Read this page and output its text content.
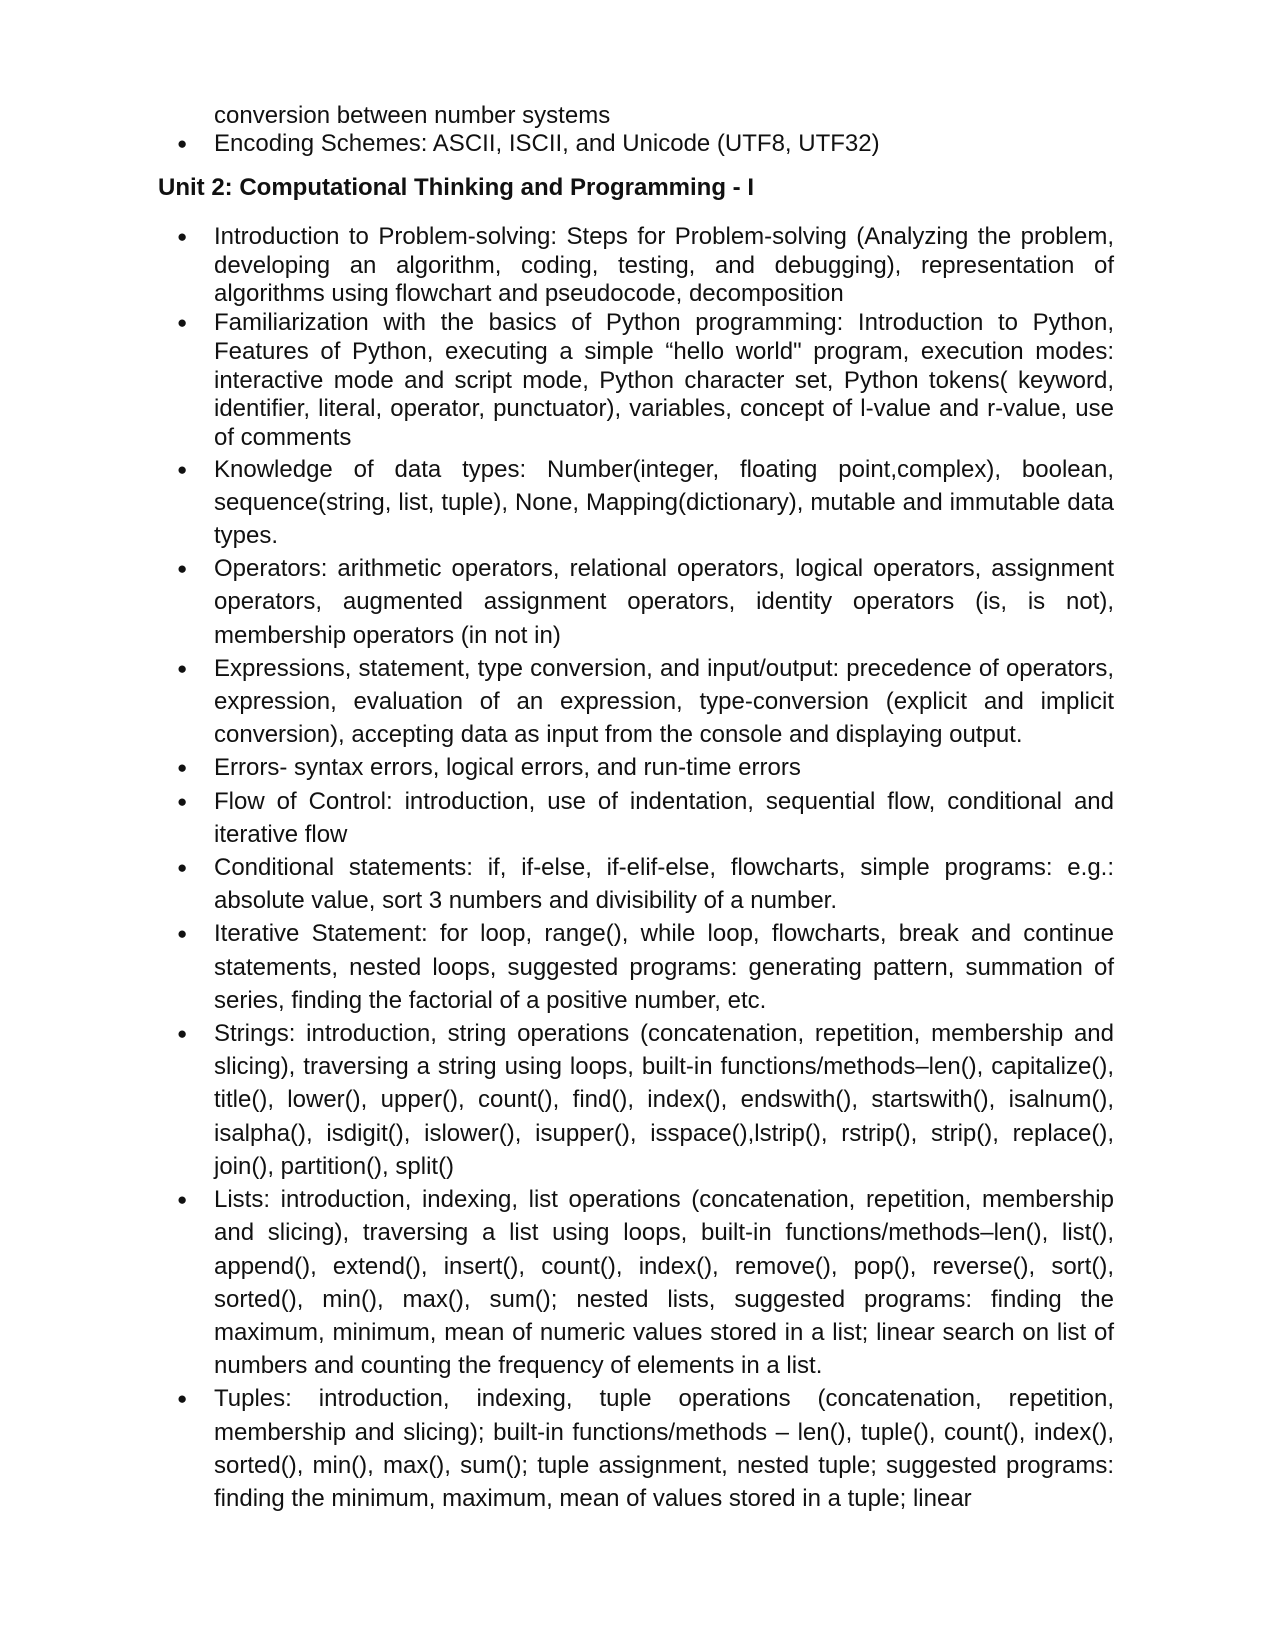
conversion between number systems

● Encoding Schemes: ASCII, ISCII, and Unicode (UTF8, UTF32)
Unit 2: Computational Thinking and Programming - I
● Introduction to Problem-solving: Steps for Problem-solving (Analyzing the problem, developing an algorithm, coding, testing, and debugging), representation of algorithms using flowchart and pseudocode, decomposition
● Familiarization with the basics of Python programming: Introduction to Python, Features of Python, executing a simple “hello world" program, execution modes: interactive mode and script mode, Python character set, Python tokens( keyword, identifier, literal, operator, punctuator), variables, concept of l-value and r-value, use of comments
● Knowledge of data types: Number(integer, floating point,complex), boolean, sequence(string, list, tuple), None, Mapping(dictionary), mutable and immutable data types.
● Operators: arithmetic operators, relational operators, logical operators, assignment operators, augmented assignment operators, identity operators (is, is not), membership operators (in not in)
● Expressions, statement, type conversion, and input/output: precedence of operators, expression, evaluation of an expression, type-conversion (explicit and implicit conversion), accepting data as input from the console and displaying output.
● Errors- syntax errors, logical errors, and run-time errors
● Flow of Control: introduction, use of indentation, sequential flow, conditional and iterative flow
● Conditional statements: if, if-else, if-elif-else, flowcharts, simple programs: e.g.: absolute value, sort 3 numbers and divisibility of a number.
● Iterative Statement: for loop, range(), while loop, flowcharts, break and continue statements, nested loops, suggested programs: generating pattern, summation of series, finding the factorial of a positive number, etc.
● Strings: introduction, string operations (concatenation, repetition, membership and slicing), traversing a string using loops, built-in functions/methods–len(), capitalize(), title(), lower(), upper(), count(), find(), index(), endswith(), startswith(), isalnum(), isalpha(), isdigit(), islower(), isupper(), isspace(),lstrip(), rstrip(), strip(), replace(), join(), partition(), split()
● Lists: introduction, indexing, list operations (concatenation, repetition, membership and slicing), traversing a list using loops, built-in functions/methods–len(), list(), append(), extend(), insert(), count(), index(), remove(), pop(), reverse(), sort(), sorted(), min(), max(), sum(); nested lists, suggested programs: finding the maximum, minimum, mean of numeric values stored in a list; linear search on list of numbers and counting the frequency of elements in a list.
● Tuples: introduction, indexing, tuple operations (concatenation, repetition, membership and slicing); built-in functions/methods – len(), tuple(), count(), index(), sorted(), min(), max(), sum(); tuple assignment, nested tuple; suggested programs: finding the minimum, maximum, mean of values stored in a tuple; linear
